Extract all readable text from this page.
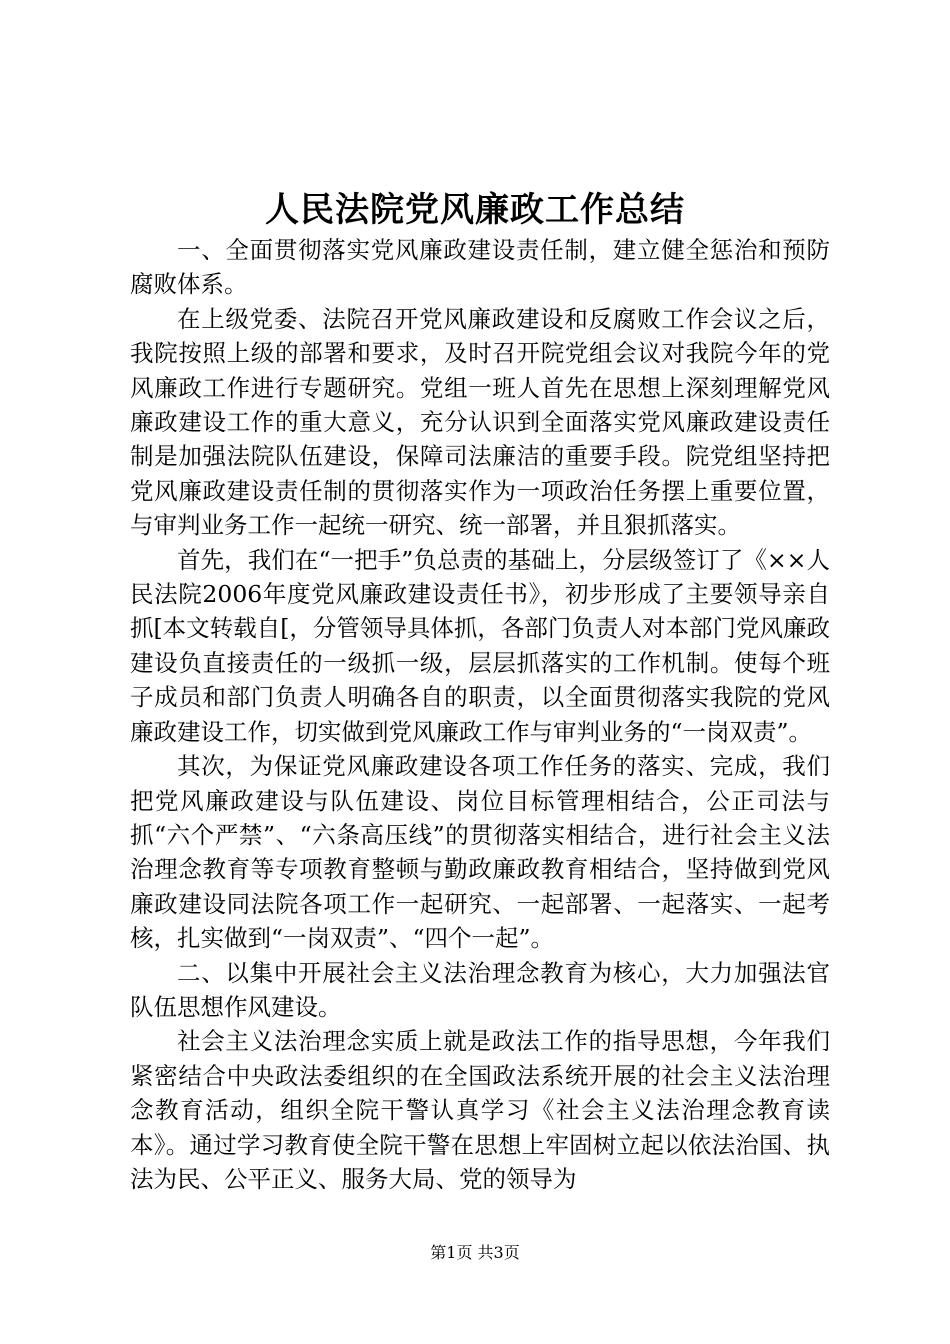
人民法院党风廉政工作总结

一、全面贯彻落实党风廉政建设责任制，建立健全惩治和预防腐败体系。

在上级党委、法院召开党风廉政建设和反腐败工作会议之后，我院按照上级的部署和要求，及时召开院党组会议对我院今年的党风廉政工作进行专题研究。党组一班人首先在思想上深刻理解党风廉政建设工作的重大意义，充分认识到全面落实党风廉政建设责任制是加强法院队伍建设，保障司法廉洁的重要手段。院党组坚持把党风廉政建设责任制的贯彻落实作为一项政治任务摆上重要位置，与审判业务工作一起统一研究、统一部署，并且狠抓落实。

首先，我们在“一把手”负总责的基础上，分层级签订了《××人民法院2006年度党风廉政建设责任书》，初步形成了主要领导亲自抓[本文转载自[，分管领导具体抓，各部门负责人对本部门党风廉政建设负直接责任的一级抓一级，层层抓落实的工作机制。使每个班子成员和部门负责人明确各自的职责，以全面贯彻落实我院的党风廉政建设工作，切实做到党风廉政工作与审判业务的“一岗双责”。

其次，为保证党风廉政建设各项工作任务的落实、完成，我们把党风廉政建设与队伍建设、岗位目标管理相结合，公正司法与抓“六个严禁”、“六条高压线”的贯彻落实相结合，进行社会主义法治理念教育等专项教育整顿与勤政廉政教育相结合，坚持做到党风廉政建设同法院各项工作一起研究、一起部署、一起落实、一起考核，扎实做到“一岗双责”、“四个一起”。

二、以集中开展社会主义法治理念教育为核心，大力加强法官队伍思想作风建设。

社会主义法治理念实质上就是政法工作的指导思想，今年我们紧密结合中央政法委组织的在全国政法系统开展的社会主义法治理念教育活动，组织全院干警认真学习《社会主义法治理念教育读本》。通过学习教育使全院干警在思想上牢固树立起以依法治国、执法为民、公平正义、服务大局、党的领导为

第1页 共3页
